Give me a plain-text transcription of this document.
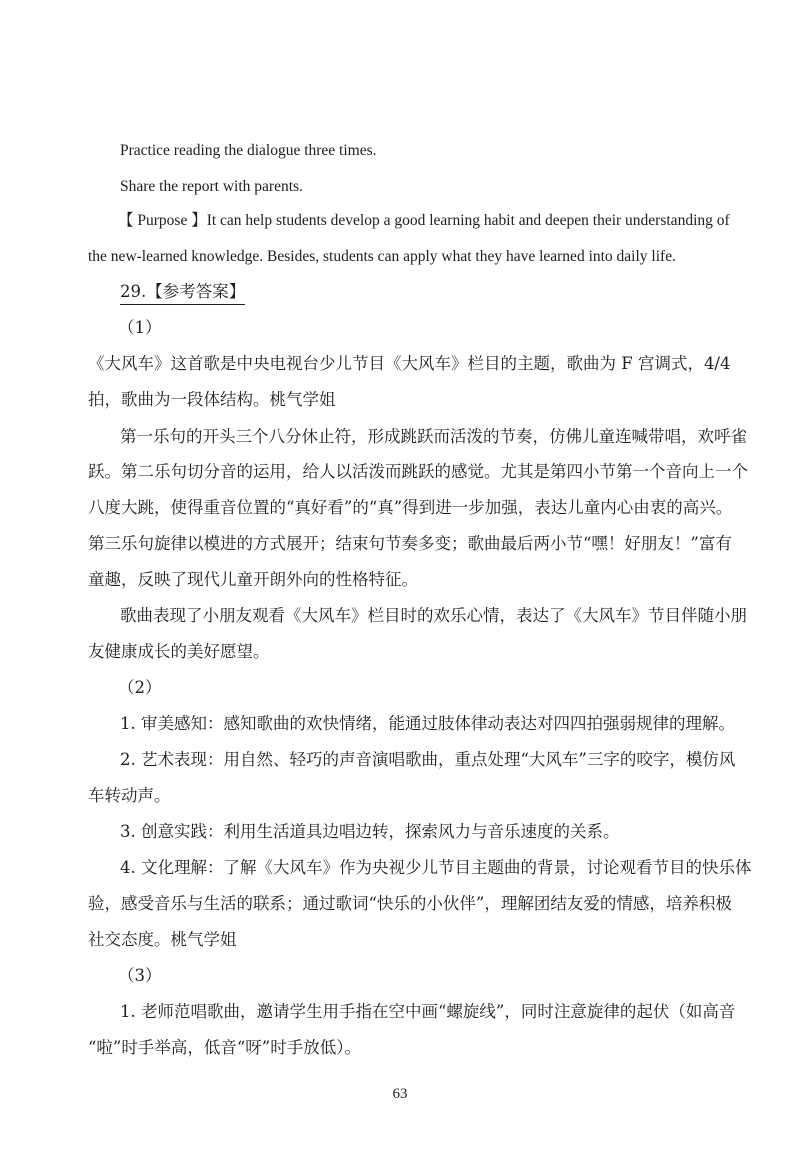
Practice reading the dialogue three times.
Share the report with parents.
【 Purpose 】It can help students develop a good learning habit and deepen their understanding of
the new-learned knowledge. Besides, students can apply what they have learned into daily life.
29.【参考答案】
（1）
《大风车》这首歌是中央电视台少儿节目《大风车》栏目的主题，歌曲为 F 宫调式，4/4
拍，歌曲为一段体结构。桃气学姐
第一乐句的开头三个八分休止符，形成跳跃而活泼的节奏，仿佛儿童连喊带唱，欢呼雀
跃。第二乐句切分音的运用，给人以活泼而跳跃的感觉。尤其是第四小节第一个音向上一个
八度大跳，使得重音位置的“真好看”的“真”得到进一步加强，表达儿童内心由衷的高兴。
第三乐句旋律以模进的方式展开；结束句节奏多变；歌曲最后两小节“嘿！好朋友！”富有
童趣，反映了现代儿童开朗外向的性格特征。
歌曲表现了小朋友观看《大风车》栏目时的欢乐心情，表达了《大风车》节目伴随小朋
友健康成长的美好愿望。
（2）
1. 审美感知：感知歌曲的欢快情绪，能通过肢体律动表达对四四拍强弱规律的理解。
2. 艺术表现：用自然、轻巧的声音演唱歌曲，重点处理“大风车”三字的咬字，模仿风
车转动声。
3. 创意实践：利用生活道具边唱边转，探索风力与音乐速度的关系。
4. 文化理解：了解《大风车》作为央视少儿节目主题曲的背景，讨论观看节目的快乐体
验，感受音乐与生活的联系；通过歌词“快乐的小伙伴”，理解团结友爱的情感，培养积极
社交态度。桃气学姐
（3）
1. 老师范唱歌曲，邀请学生用手指在空中画“螺旋线”，同时注意旋律的起伏（如高音
“啦”时手举高，低音“呀”时手放低）。
63
